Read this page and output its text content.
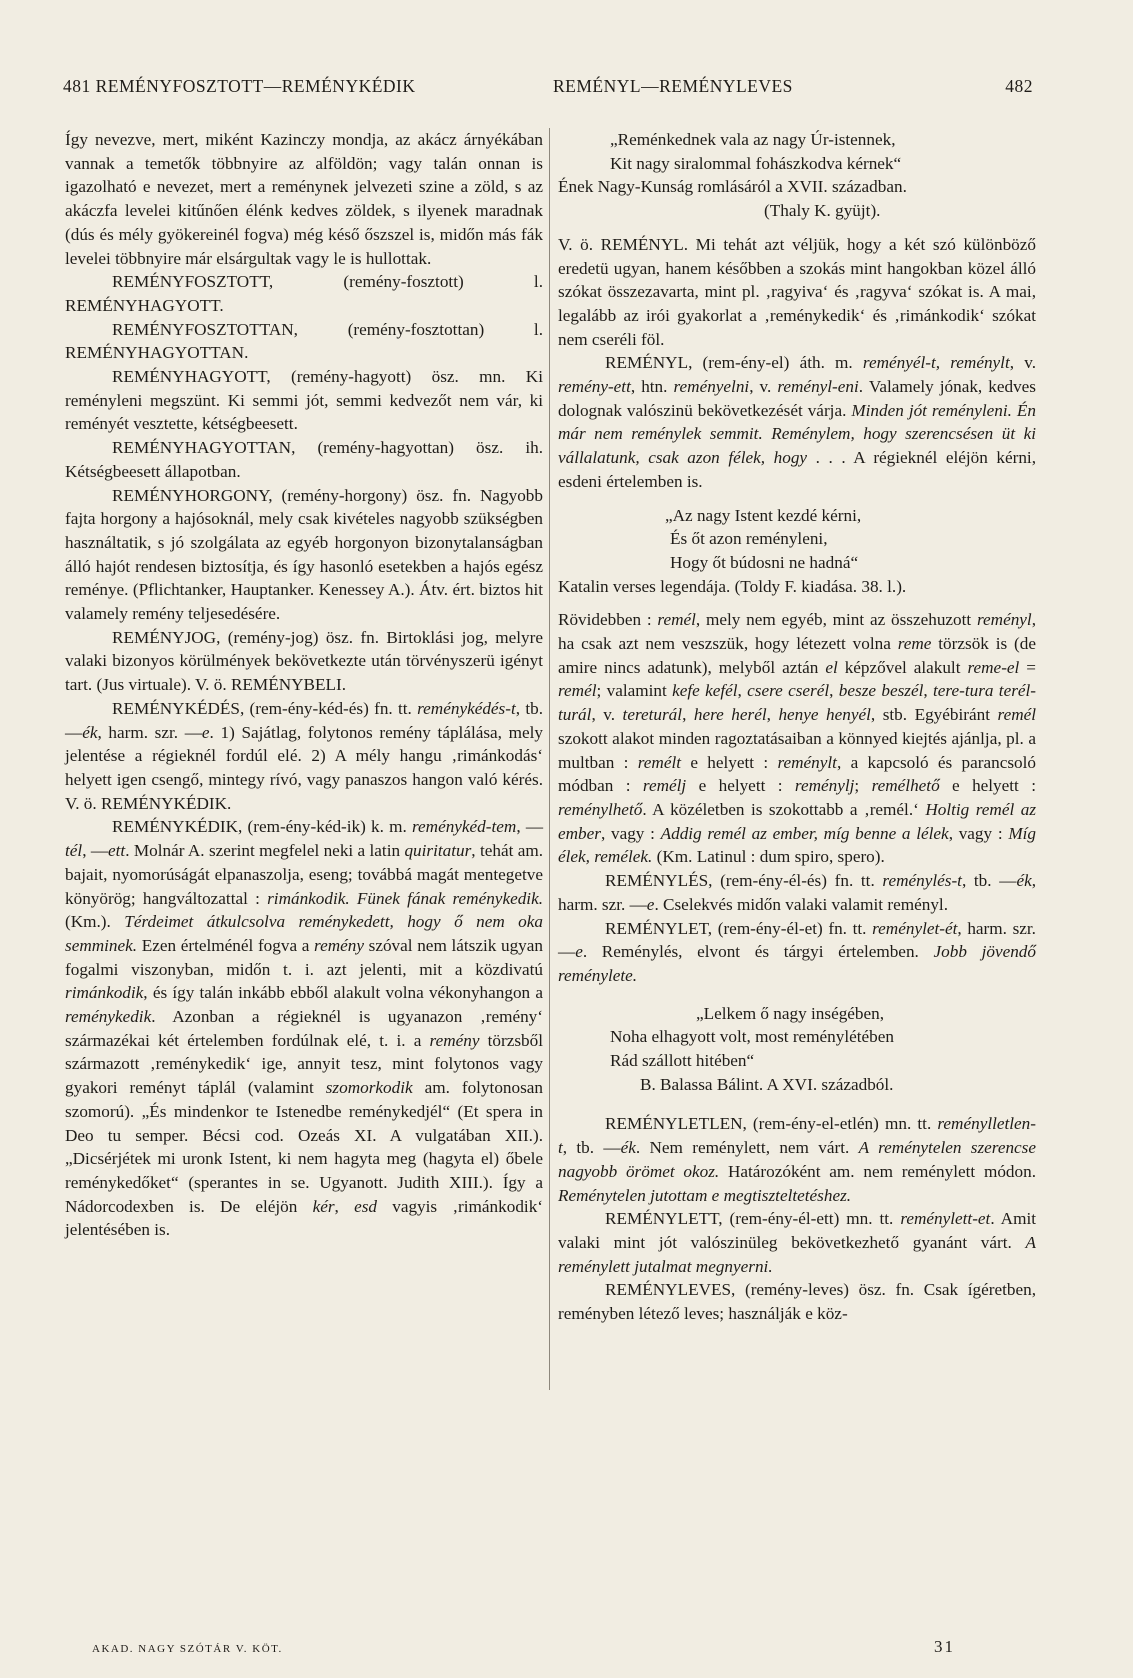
481 REMÉNYFOSZTOTT—REMÉNYKÉDIK	REMÉNYL—REMÉNYLEVES	482

Így nevezve, mert, miként Kazinczy mondja, az akácz árnyékában vannak a temetők többnyire az alföldön; vagy talán onnan is igazolható e nevezet, mert a reménynek jelvezeti szine a zöld, s az akáczfa levelei kitűnően élénk kedves zöldek, s ilyenek maradnak (dús és mély gyökereinél fogva) még késő őszszel is, midőn más fák levelei többnyire már elsárgultak vagy le is hullottak.

REMÉNYFOSZTOTT, (remény-fosztott) l. REMÉNYHAGYOTT.

REMÉNYFOSZTOTTAN, (remény-fosztottan) l. REMÉNYHAGYOTTAN.

REMÉNYHAGYOTT, (remény-hagyott) ösz. mn. Ki reményleni megszünt. Ki semmi jót, semmi kedvezőt nem vár, ki reményét vesztette, kétségbeesett.

REMÉNYHAGYOTTAN, (remény-hagyottan) ösz. ih. Kétségbeesett állapotban.

REMÉNYHORGONY, (remény-horgony) ösz. fn. Nagyobb fajta horgony a hajósoknál, mely csak kivételes nagyobb szükségben használtatik, s jó szolgálata az egyéb horgonyon bizonytalanságban álló hajót rendesen biztosítja, és így hasonló esetekben a hajós egész reménye. (Pflichtanker, Hauptanker. Kenessey A.). Átv. ért. biztos hit valamely remény teljesedésére.

REMÉNYJOG, (remény-jog) ösz. fn. Birtoklási jog, melyre valaki bizonyos körülmények bekövetkezte után törvényszerü igényt tart. (Jus virtuale). V. ö. REMÉNYBELI.

REMÉNYKÉDÉS, (rem-ény-kéd-és) fn. tt. reménykédés-t, tb. —ék, harm. szr. —e. 1) Sajátlag, folytonos remény táplálása, mely jelentése a régieknél fordúl elé. 2) A mély hangu ‚rimánkodás‘ helyett igen csengő, mintegy rívó, vagy panaszos hangon való kérés. V. ö. REMÉNYKÉDIK.

REMÉNYKÉDIK, (rem-ény-kéd-ik) k. m. reménykéd-tem, —tél, —ett. Molnár A. szerint megfelel neki a latin quiritatur, tehát am. bajait, nyomorúságát elpanaszolja, eseng; továbbá magát mentegetve könyörög; hangváltozattal : rimánkodik. Fünek fának reménykedik. (Km.). Térdeimet átkulcsolva reménykedett, hogy ő nem oka semminek. Ezen értelménél fogva a remény szóval nem látszik ugyan fogalmi viszonyban, midőn t. i. azt jelenti, mit a közdivatú rimánkodik, és így talán inkább ebből alakult volna vékonyhangon a reménykedik. Azonban a régieknél is ugyanazon ‚remény‘ származékai két értelemben fordúlnak elé, t. i. a remény törzsből származott ‚reménykedik‘ ige, annyit tesz, mint folytonos vagy gyakori reményt táplál (valamint szomorkodik am. folytonosan szomorú). „És mindenkor te Istenedbe reménykedjél“ (Et spera in Deo tu semper. Bécsi cod. Ozeás XI. A vulgatában XII.). „Dicsérjétek mi uronk Istent, ki nem hagyta meg (hagyta el) őbele reménykedőket“ (sperantes in se. Ugyanott. Judith XIII.). Így a Nádorcodexben is. De eléjön kér, esd vagyis ‚rimánkodik‘ jelentésében is.

„Reménkednek vala az nagy Úr-istennek,
Kit nagy siralommal fohászkodva kérnek“
Ének Nagy-Kunság romlásáról a XVII. században.
(Thaly K. gyüjt).

V. ö. REMÉNYL. Mi tehát azt véljük, hogy a két szó különböző eredetü ugyan, hanem későbben a szokás mint hangokban közel álló szókat összezavarta, mint pl. ‚ragyiva‘ és ‚ragyva‘ szókat is. A mai, legalább az irói gyakorlat a ‚reménykedik‘ és ‚rimánkodik‘ szókat nem cseréli föl.

REMÉNYL, (rem-ény-el) áth. m. reményél-t, reménylt, v. remény-ett, htn. reményelni, v. reményl-eni. Valamely jónak, kedves dolognak valószinü bekövetkezését várja. Minden jót reményleni. Én már nem reménylek semmit. Reménylem, hogy szerencsésen üt ki vállalatunk, csak azon félek, hogy . . . A régieknél eléjön kérni, esdeni értelemben is.

„Az nagy Istent kezdé kérni,
És őt azon reményleni,
Hogy őt búdosni ne hadná“
Katalin verses legendája. (Toldy F. kiadása. 38. l.).

Rövidebben : remél, mely nem egyéb, mint az összehuzott reményl, ha csak azt nem veszszük, hogy létezett volna reme törzsök is (de amire nincs adatunk), melyből aztán el képzővel alakult reme-el = remél; valamint kefe kefél, csere cserél, besze beszél, tere-tura terél-turál, v. tereturál, here herél, henye henyél, stb. Egyébiránt remél szokott alakot minden ragoztatásaiban a könnyed kiejtés ajánlja, pl. a multban : remélt e helyett : reménylt, a kapcsoló és parancsoló módban : remélj e helyett : reménylj; remélhető e helyett : reménylhető. A közéletben is szokottabb a ‚remél.‘ Holtig remél az ember, vagy : Addig remél az ember, míg benne a lélek, vagy : Míg élek, remélek. (Km. Latinul : dum spiro, spero).

REMÉNYLÉS, (rem-ény-él-és) fn. tt. reménylés-t, tb. —ék, harm. szr. —e. Cselekvés midőn valaki valamit reményl.

REMÉNYLET, (rem-ény-él-et) fn. tt. reménylet-ét, harm. szr. —e. Reménylés, elvont és tárgyi értelemben. Jobb jövendő reménylete.

„Lelkem ő nagy inségében,
Noha elhagyott volt, most reménylétében
Rád szállott hitében“
B. Balassa Bálint. A XVI. századból.

REMÉNYLETLEN, (rem-ény-el-etlén) mn. tt. reménylletlen-t, tb. —ék. Nem reménylett, nem várt. A reménytelen szerencse nagyobb örömet okoz. Határozóként am. nem reménylett módon. Reménytelen jutottam e megtiszteltetéshez.

REMÉNYLETT, (rem-ény-él-ett) mn. tt. reménylett-et. Amit valaki mint jót valószinüleg bekövetkezhető gyanánt várt. A reménylett jutalmat megnyerni.

REMÉNYLEVES, (remény-leves) ösz. fn. Csak ígéretben, reményben létező leves; használják e köz-

AKAD. NAGY SZÓTÁR V. KÖT.	31
